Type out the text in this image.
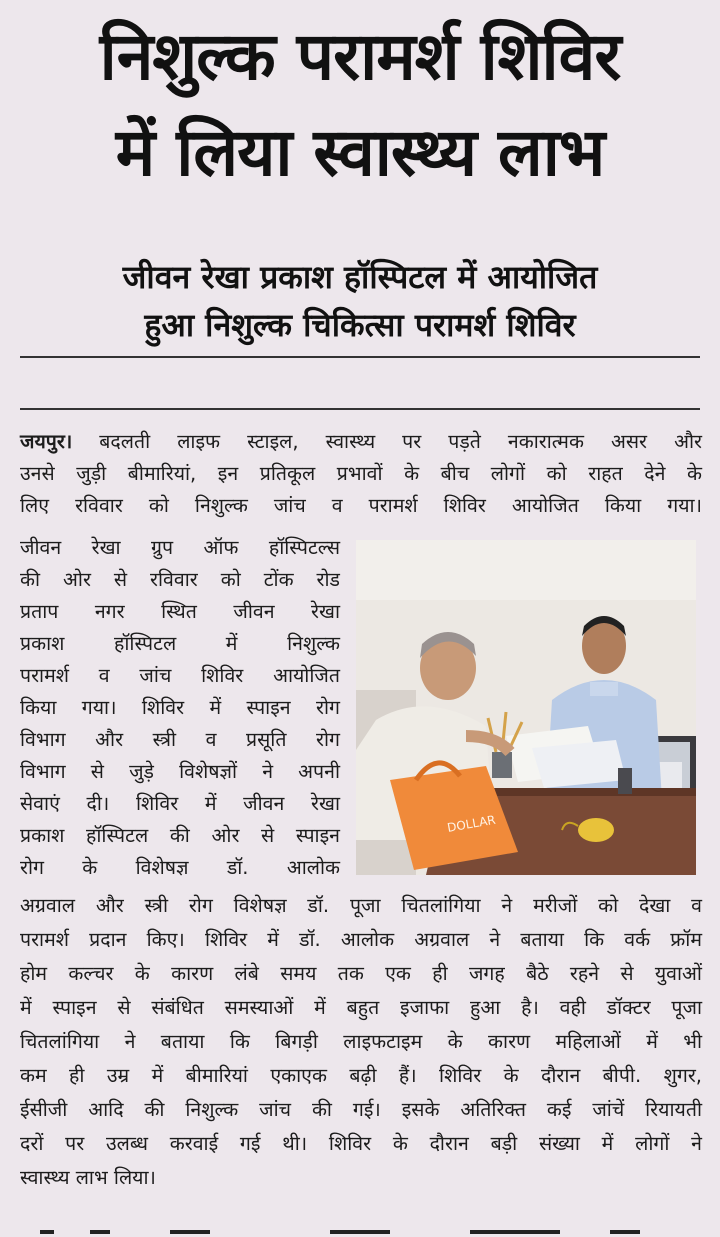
निशुल्क परामर्श शिविर
में लिया स्वास्थ्य लाभ
जीवन रेखा प्रकाश हॉस्पिटल में आयोजित
हुआ निशुल्क चिकित्सा परामर्श शिविर
जयपुर। बदलती लाइफ स्टाइल, स्वास्थ्य पर पड़ते नकारात्मक असर और
उनसे जुड़ी बीमारियां, इन प्रतिकूल प्रभावों के बीच लोगों को राहत देने के
लिए रविवार को निशुल्क जांच व परामर्श शिविर आयोजित किया गया।
जीवन रेखा ग्रुप ऑफ हॉस्पिटल्स
की ओर से रविवार को टोंक रोड
प्रताप नगर स्थित जीवन रेखा
प्रकाश हॉस्पिटल में निशुल्क
परामर्श व जांच शिविर आयोजित
किया गया। शिविर में स्पाइन रोग
विभाग और स्त्री व प्रसूति रोग
विभाग से जुड़े विशेषज्ञों ने अपनी
सेवाएं दी। शिविर में जीवन रेखा
प्रकाश हॉस्पिटल की ओर से स्पाइन
रोग के विशेषज्ञ डॉ. आलोक
अग्रवाल और स्त्री रोग विशेषज्ञ डॉ. पूजा चितलांगिया ने मरीजों को देखा व
परामर्श प्रदान किए। शिविर में डॉ. आलोक अग्रवाल ने बताया कि वर्क फ्रॉम
होम कल्चर के कारण लंबे समय तक एक ही जगह बैठे रहने से युवाओं
में स्पाइन से संबंधित समस्याओं में बहुत इजाफा हुआ है। वही डॉक्टर पूजा
चितलांगिया ने बताया कि बिगड़ी लाइफटाइम के कारण महिलाओं में भी
कम ही उम्र में बीमारियां एकाएक बढ़ी हैं। शिविर के दौरान बीपी. शुगर,
ईसीजी आदि की निशुल्क जांच की गई। इसके अतिरिक्त कई जांचें रियायती
दरों पर उलब्ध करवाई गई थी। शिविर के दौरान बड़ी संख्या में लोगों ने
स्वास्थ्य लाभ लिया।
DOLLAR
